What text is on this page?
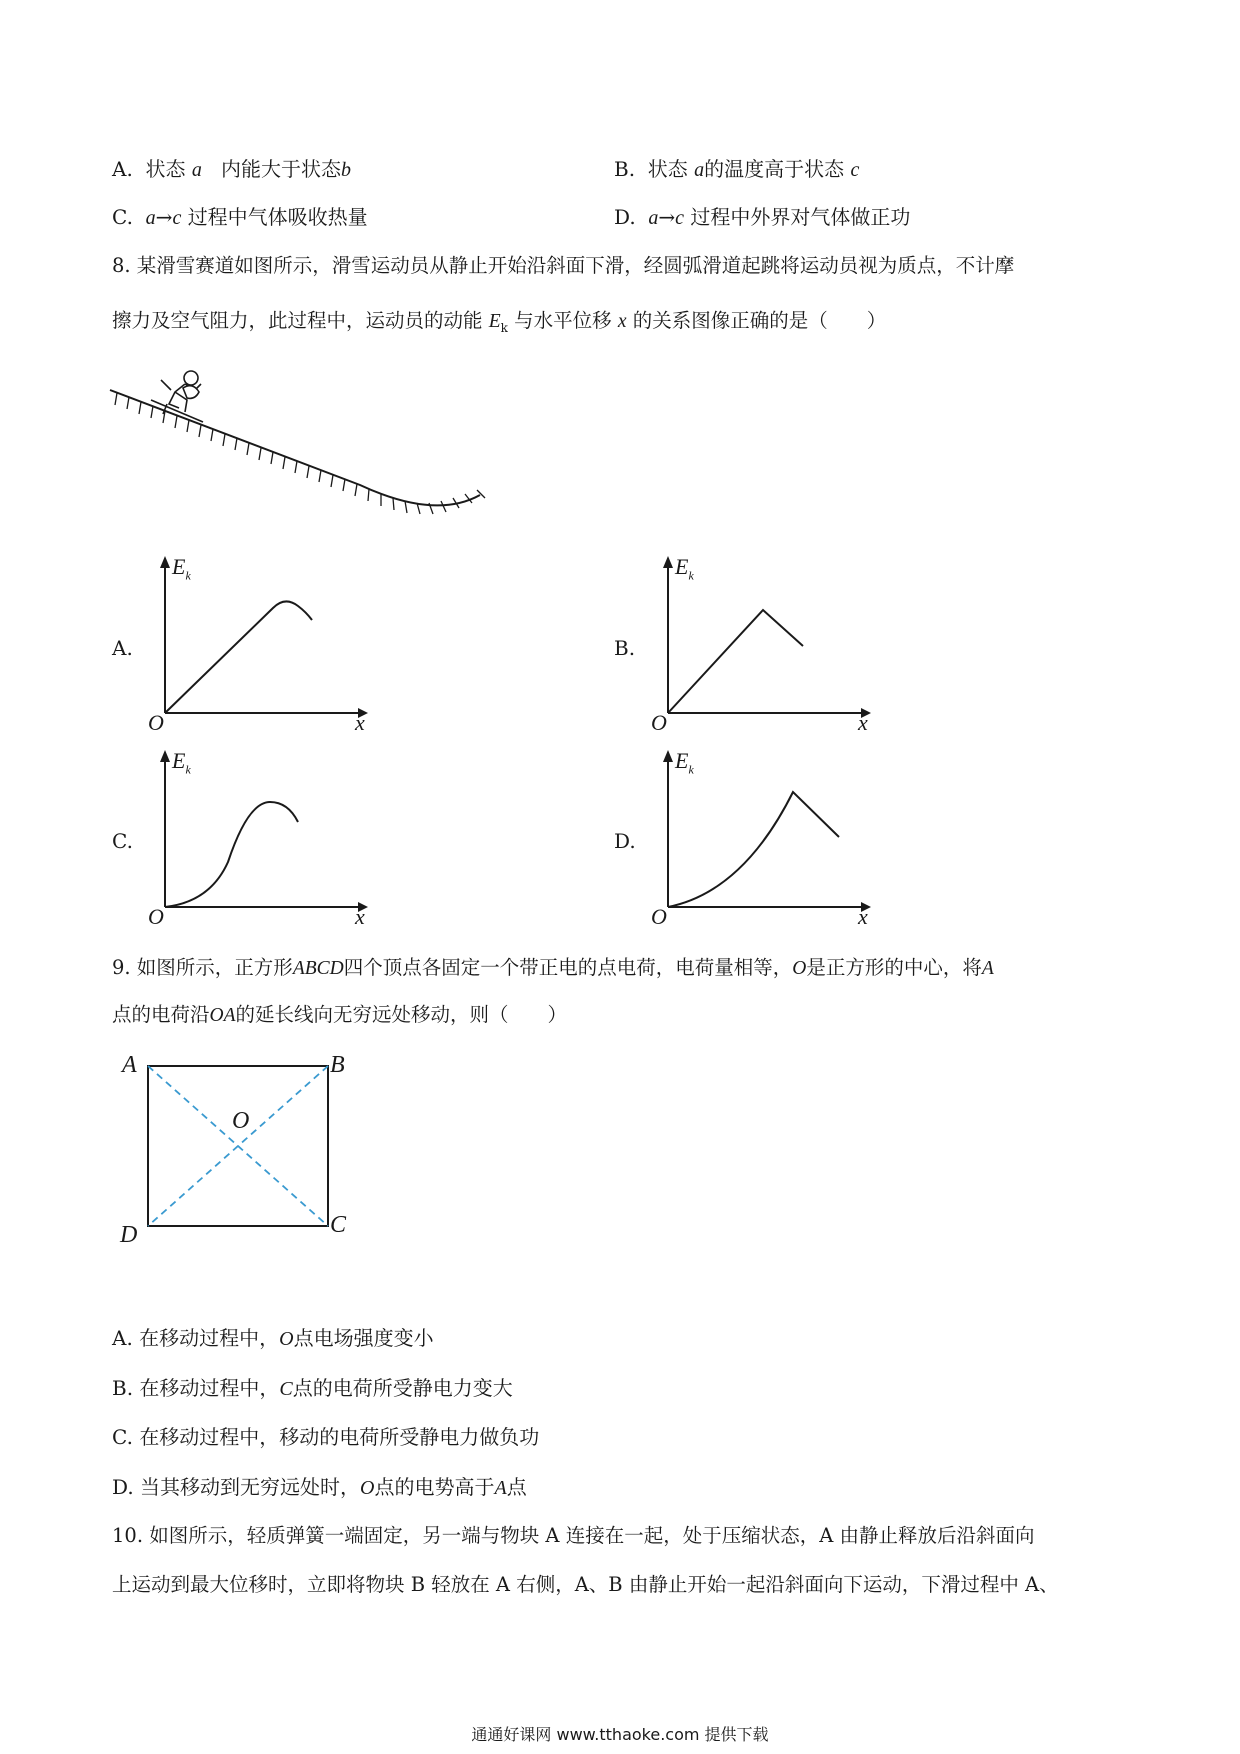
A. 状态 a 内能大于状态b	B. 状态 a的温度高于状态 c
C. a→c 过程中气体吸收热量	D. a→c 过程中外界对气体做正功
8. 某滑雪赛道如图所示，滑雪运动员从静止开始沿斜面下滑，经圆弧滑道起跳将运动员视为质点，不计摩
擦力及空气阻力，此过程中，运动员的动能 $E_k$ 与水平位移 x 的关系图像正确的是（　　）
A.
$E_k$
O	x
B.
$E_k$
O	x
C.
$E_k$
O	x
D.
$E_k$
O	x
9. 如图所示，正方形ABCD四个顶点各固定一个带正电的点电荷，电荷量相等，O是正方形的中心，将A
点的电荷沿OA的延长线向无穷远处移动，则（　　）
A	B
C
D
O
A. 在移动过程中，O点电场强度变小
B. 在移动过程中，C点的电荷所受静电力变大
C. 在移动过程中，移动的电荷所受静电力做负功
D. 当其移动到无穷远处时，O点的电势高于A点
10. 如图所示，轻质弹簧一端固定，另一端与物块 A 连接在一起，处于压缩状态，A 由静止释放后沿斜面向
上运动到最大位移时，立即将物块 B 轻放在 A 右侧，A、B 由静止开始一起沿斜面向下运动，下滑过程中 A、
通通好课网 www.tthaoke.com 提供下载
